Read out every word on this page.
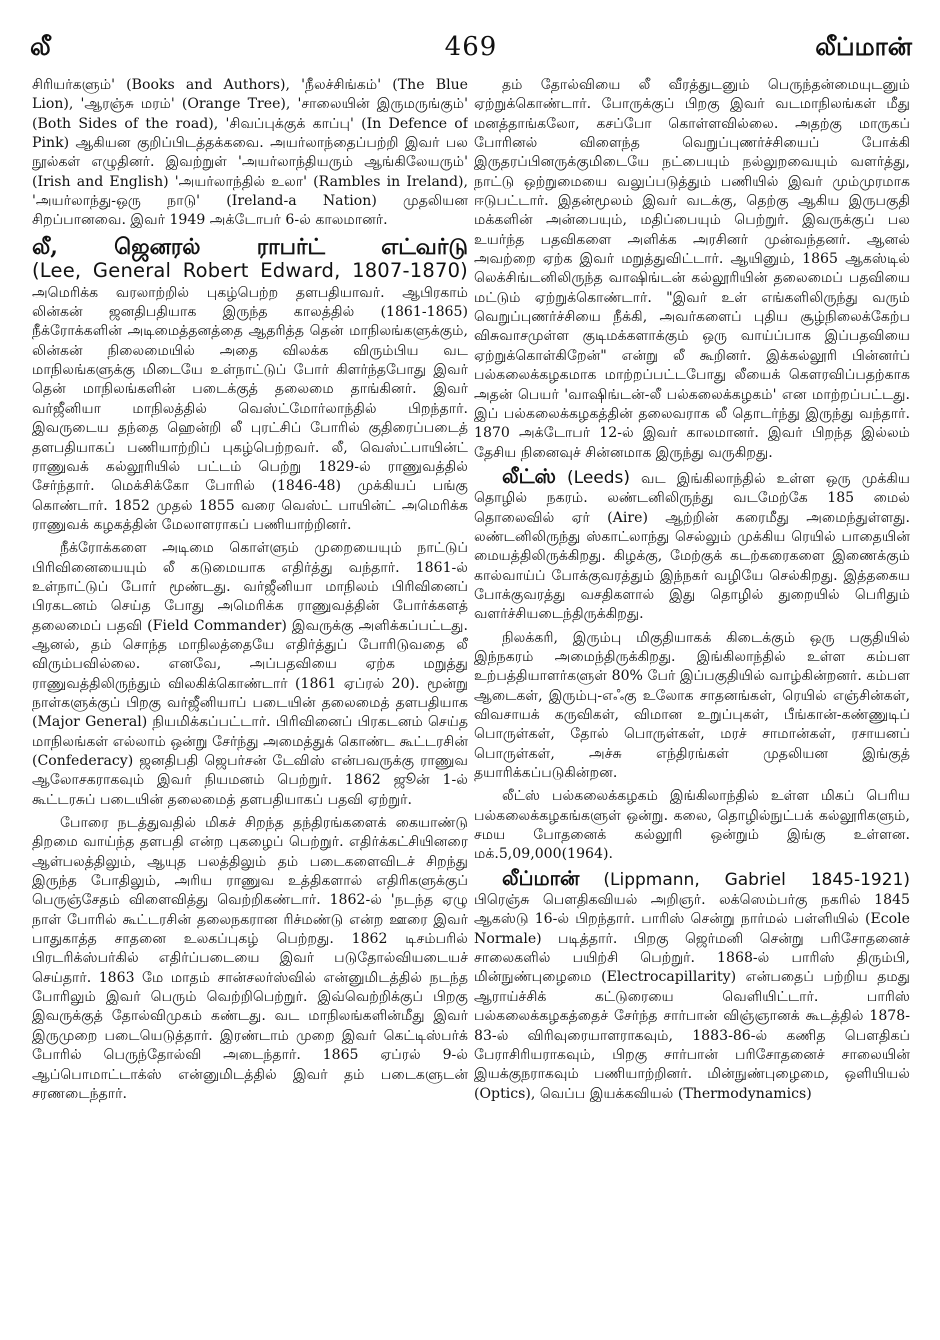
லீ	469	லீப்மான்

சிரியர்களும்' (Books and Authors), 'நீலச்சிங்கம்' (The Blue Lion), 'ஆரஞ்சு மரம்' (Orange Tree), 'சாலையின் இருமருங்கும்' (Both Sides of the road), 'சிவப்புக்குக் காப்பு' (In Defence of Pink) ஆகியன குறிப்பிடத்தக்கவை. அயர்லாந்தைப்பற்றி இவர் பல நூல்கள் எழுதினர். இவற்றுள் 'அயர்லாந்தியரும் ஆங்கிலேயரும்' (Irish and English) 'அயர்லாந்தில் உலா' (Rambles in Ireland), 'அயர்லாந்து-ஒரு நாடு' (Ireland-a Nation) முதலியன சிறப்பானவை. இவர் 1949 அக்டோபர் 6-ல் காலமானர்.

லீ, ஜெனரல் ராபர்ட் எட்வர்டு
(Lee, General Robert Edward, 1807-1870)

அமெரிக்க வரலாற்றில் புகழ்பெற்ற தளபதியாவர். ஆபிரகாம் லின்கன் ஜனதிபதியாக இருந்த காலத்தில் (1861-1865) நீக்ரோக்களின் அடிமைத்தனத்தை ஆதரித்த தென் மாநிலங்களுக்கும், லின்கன் நிலைமையில் அதை விலக்க விரும்பிய வட மாநிலங்களுக்கு மிடையே உள்நாட்டுப் போர் கிளர்ந்தபோது இவர் தென் மாநிலங்களின் படைக்குத் தலைமை தாங்கினர். இவர் வர்ஜீனியா மாநிலத்தில் வெஸ்ட்மோர்லாந்தில் பிறந்தார். இவருடைய தந்தை ஹென்றி லீ புரட்சிப் போரில் குதிரைப்படைத் தளபதியாகப் பணியாற்றிப் புகழ்பெற்றவர். லீ, வெஸ்ட்பாயின்ட் ராணுவக் கல்லூரியில் பட்டம் பெற்று 1829-ல் ராணுவத்தில் சேர்ந்தார். மெக்சிக்கோ போரில் (1846-48) முக்கியப் பங்கு கொண்டார். 1852 முதல் 1855 வரை வெஸ்ட் பாயின்ட் அமெரிக்க ராணுவக் கழகத்தின் மேலாளராகப் பணியாற்றினர்.

நீக்ரோக்களை அடிமை கொள்ளும் முறையையும் நாட்டுப் பிரிவினையையும் லீ கடுமையாக எதிர்த்து வந்தார். 1861-ல் உள்நாட்டுப் போர் மூண்டது. வர்ஜீனியா மாநிலம் பிரிவினைப் பிரகடனம் செய்த போது அமெரிக்க ராணுவத்தின் போர்க்களத் தலைமைப் பதவி (Field Commander) இவருக்கு அளிக்கப்பட்டது. ஆனல், தம் சொந்த மாநிலத்தையே எதிர்த்துப் போரிடுவதை லீ விரும்பவில்லை. எனவே, அப்பதவியை ஏற்க மறுத்து ராணுவத்திலிருந்தும் விலகிக்கொண்டார் (1861 ஏப்ரல் 20). மூன்று நாள்களுக்குப் பிறகு வர்ஜீனியாப் படையின் தலைமைத் தளபதியாக (Major General) நியமிக்கப்பட்டார். பிரிவினைப் பிரகடனம் செய்த மாநிலங்கள் எல்லாம் ஒன்று சேர்ந்து அமைத்துக் கொண்ட கூட்டரசின் (Confederacy) ஜனதிபதி ஜெபர்சன் டேவிஸ் என்பவருக்கு ராணுவ ஆலோசகராகவும் இவர் நியமனம் பெற்றுர். 1862 ஜூன் 1-ல் கூட்டரசுப் படையின் தலைமைத் தளபதியாகப் பதவி ஏற்றுர்.

போரை நடத்துவதில் மிகச் சிறந்த தந்திரங்களைக் கையாண்டு திறமை வாய்ந்த தளபதி என்ற புகழைப் பெற்றுர். எதிர்க்கட்சியினரை ஆள்பலத்திலும், ஆயுத பலத்திலும் தம் படைகளைவிடச் சிறந்து இருந்த போதிலும், அரிய ராணுவ உத்திகளால் எதிரிகளுக்குப் பெருஞ்சேதம் விளைவித்து வெற்றிகண்டார். 1862-ல் 'நடந்த ஏழு நாள் போரில் கூட்டரசின் தலைநகரான ரிச்மண்டு என்ற ஊரை இவர் பாதுகாத்த சாதனை உலகப்புகழ் பெற்றது. 1862 டிசம்பரில் பிரடரிக்ஸ்பர்கில் எதிர்ப்படையை இவர் படுதோல்வியடையச் செய்தார். 1863 மே மாதம் சான்சலர்ஸ்வில் என்னுமிடத்தில் நடந்த போரிலும் இவர் பெரும் வெற்றிபெற்றுர். இவ்வெற்றிக்குப் பிறகு இவருக்குத் தோல்விமுகம் கண்டது. வட மாநிலங்களின்மீது இவர் இருமுறை படையெடுத்தார். இரண்டாம் முறை இவர் கெட்டிஸ்பர்க் போரில் பெருந்தோல்வி அடைந்தார். 1865 ஏப்ரல் 9-ல் ஆப்பொமாட்டாக்ஸ் என்னுமிடத்தில் இவர் தம் படைகளுடன் சரணடைந்தார்.

தம் தோல்வியை லீ வீரத்துடனும் பெருந்தன்மையுடனும் ஏற்றுக்கொண்டார். போருக்குப் பிறகு இவர் வடமாநிலங்கள் மீது மனத்தாங்கலோ, கசப்போ கொள்ளவில்லை. அதற்கு மாருகப் போரினல் விளைந்த வெறுப்புணர்ச்சியைப் போக்கி இருதரப்பினருக்குமிடையே நட்பையும் நல்லுறவையும் வளர்த்து, நாட்டு ஒற்றுமையை வலுப்படுத்தும் பணியில் இவர் மும்முரமாக ஈடுபட்டார். இதன்மூலம் இவர் வடக்கு, தெற்கு ஆகிய இருபகுதி மக்களின் அன்பையும், மதிப்பையும் பெற்றுர். இவருக்குப் பல உயர்ந்த பதவிகளை அளிக்க அரசினர் முன்வந்தனர். ஆனல் அவற்றை ஏற்க இவர் மறுத்துவிட்டார். ஆயினும், 1865 ஆகஸ்டில் லெக்சிங்டனிலிருந்த வாஷிங்டன் கல்லூரியின் தலைமைப் பதவியை மட்டும் ஏற்றுக்கொண்டார். "இவர் உள் எங்களிலிருந்து வரும் வெறுப்புணர்ச்சியை நீக்கி, அவர்களைப் புதிய சூழ்நிலைக்கேற்ப விசுவாசமுள்ள குடிமக்களாக்கும் ஒரு வாய்ப்பாக இப்பதவியை ஏற்றுக்கொள்கிறேன்" என்று லீ கூறினர். இக்கல்லூரி பின்னர்ப் பல்கலைக்கழகமாக மாற்றப்பட்டபோது லீயைக் கௌரவிப்பதற்காக அதன் பெயர் 'வாஷிங்டன்-லீ பல்கலைக்கழகம்' என மாற்றப்பட்டது. இப் பல்கலைக்கழகத்தின் தலைவராக லீ தொடர்ந்து இருந்து வந்தார். 1870 அக்டோபர் 12-ல் இவர் காலமானர். இவர் பிறந்த இல்லம் தேசிய நினைவுச் சின்னமாக இருந்து வருகிறது.

லீட்ஸ் (Leeds) வட இங்கிலாந்தில் உள்ள ஒரு முக்கிய தொழில் நகரம். லண்டனிலிருந்து வடமேற்கே 185 மைல் தொலைவில் ஏர் (Aire) ஆற்றின் கரைமீது அமைந்துள்ளது. லண்டனிலிருந்து ஸ்காட்லாந்து செல்லும் முக்கிய ரெயில் பாதையின் மையத்திலிருக்கிறது. கிழக்கு, மேற்குக் கடற்கரைகளை இணைக்கும் கால்வாய்ப் போக்குவரத்தும் இந்நகர் வழியே செல்கிறது. இத்தகைய போக்குவரத்து வசதிகளால் இது தொழில் துறையில் பெரிதும் வளர்ச்சியடைந்திருக்கிறது.

நிலக்கரி, இரும்பு மிகுதியாகக் கிடைக்கும் ஒரு பகுதியில் இந்நகரம் அமைந்திருக்கிறது. இங்கிலாந்தில் உள்ள கம்பள உற்பத்தியாளர்களுள் 80% பேர் இப்பகுதியில் வாழ்கின்றனர். கம்பள ஆடைகள், இரும்பு-எஃகு உலோக சாதனங்கள், ரெயில் எஞ்சின்கள், விவசாயக் கருவிகள், விமான உறுப்புகள், பீங்கான்-கண்ணுடிப் பொருள்கள், தோல் பொருள்கள், மரச் சாமான்கள், ரசாயனப் பொருள்கள், அச்சு எந்திரங்கள் முதலியன இங்குத் தயாரிக்கப்படுகின்றன.

லீட்ஸ் பல்கலைக்கழகம் இங்கிலாந்தில் உள்ள மிகப் பெரிய பல்கலைக்கழகங்களுள் ஒன்று. கலை, தொழில்நுட்பக் கல்லூரிகளும், சமய போதனைக் கல்லூரி ஒன்றும் இங்கு உள்ளன. மக்.5,09,000(1964).

லீப்மான் (Lippmann, Gabriel 1845-1921) பிரெஞ்சு பௌதிகவியல் அறிஞர். லக்ஸெம்பர்கு நகரில் 1845 ஆகஸ்டு 16-ல் பிறந்தார். பாரிஸ் சென்று நார்மல் பள்ளியில் (Ecole Normale) படித்தார். பிறகு ஜெர்மனி சென்று பரிசோதனைச் சாலைகளில் பயிற்சி பெற்றுர். 1868-ல் பாரிஸ் திரும்பி, மின்நுண்புழைமை (Electrocapillarity) என்பதைப் பற்றிய தமது ஆராய்ச்சிக் கட்டுரையை வெளியிட்டார். பாரிஸ் பல்கலைக்கழகத்தைச் சேர்ந்த சார்பான் விஞ்ஞானக் கூடத்தில் 1878-83-ல் விரிவுரையாளராகவும், 1883-86-ல் கணித பௌதிகப் பேராசிரியராகவும், பிறகு சார்பான் பரிசோதனைச் சாலையின் இயக்குநராகவும் பணியாற்றினர். மின்நுண்புழைமை, ஒளியியல் (Optics), வெப்ப இயக்கவியல் (Thermodynamics)
